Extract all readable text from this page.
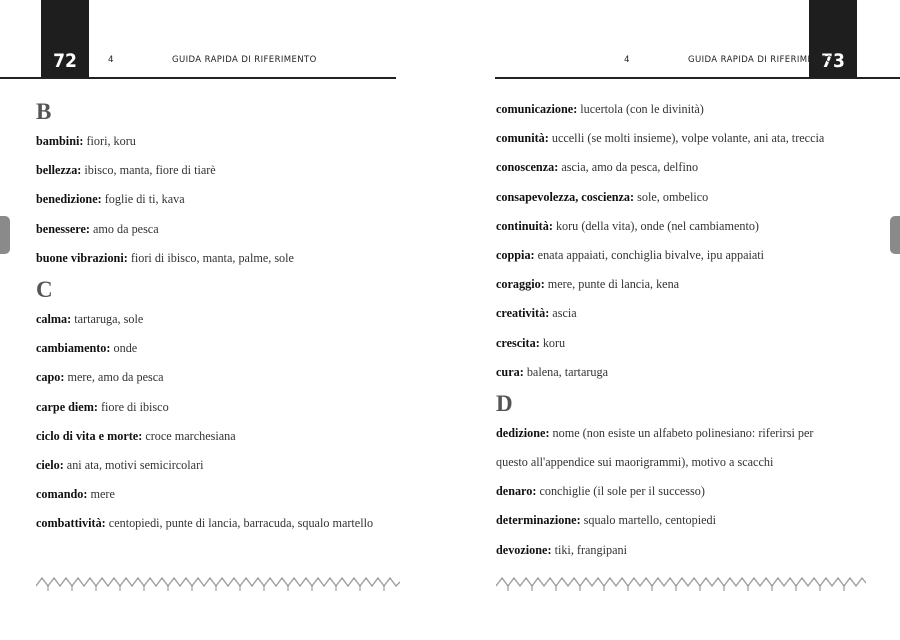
72	4	GUIDA RAPIDA DI RIFERIMENTO
B
bambini: fiori, koru
bellezza: ibisco, manta, fiore di tiarè
benedizione: foglie di ti, kava
benessere: amo da pesca
buone vibrazioni: fiori di ibisco, manta, palme, sole
C
calma: tartaruga, sole
cambiamento: onde
capo: mere, amo da pesca
carpe diem: fiore di ibisco
ciclo di vita e morte: croce marchesiana
cielo: ani ata, motivi semicircolari
comando: mere
combattività: centopiedi, punte di lancia, barracuda, squalo martello
73
4	GUIDA RAPIDA DI RIFERIMENTO
comunicazione: lucertola (con le divinità)
comunità: uccelli (se molti insieme), volpe volante, ani ata, treccia
conoscenza: ascia, amo da pesca, delfino
consapevolezza, coscienza: sole, ombelico
continuità: koru (della vita), onde (nel cambiamento)
coppia: enata appaiati, conchiglia bivalve, ipu appaiati
coraggio: mere, punte di lancia, kena
creatività: ascia
crescita: koru
cura: balena, tartaruga
D
dedizione: nome (non esiste un alfabeto polinesiano: riferirsi per
questo all'appendice sui maorigrammi), motivo a scacchi
denaro: conchiglie (il sole per il successo)
determinazione: squalo martello, centopiedi
devozione: tiki, frangipani
